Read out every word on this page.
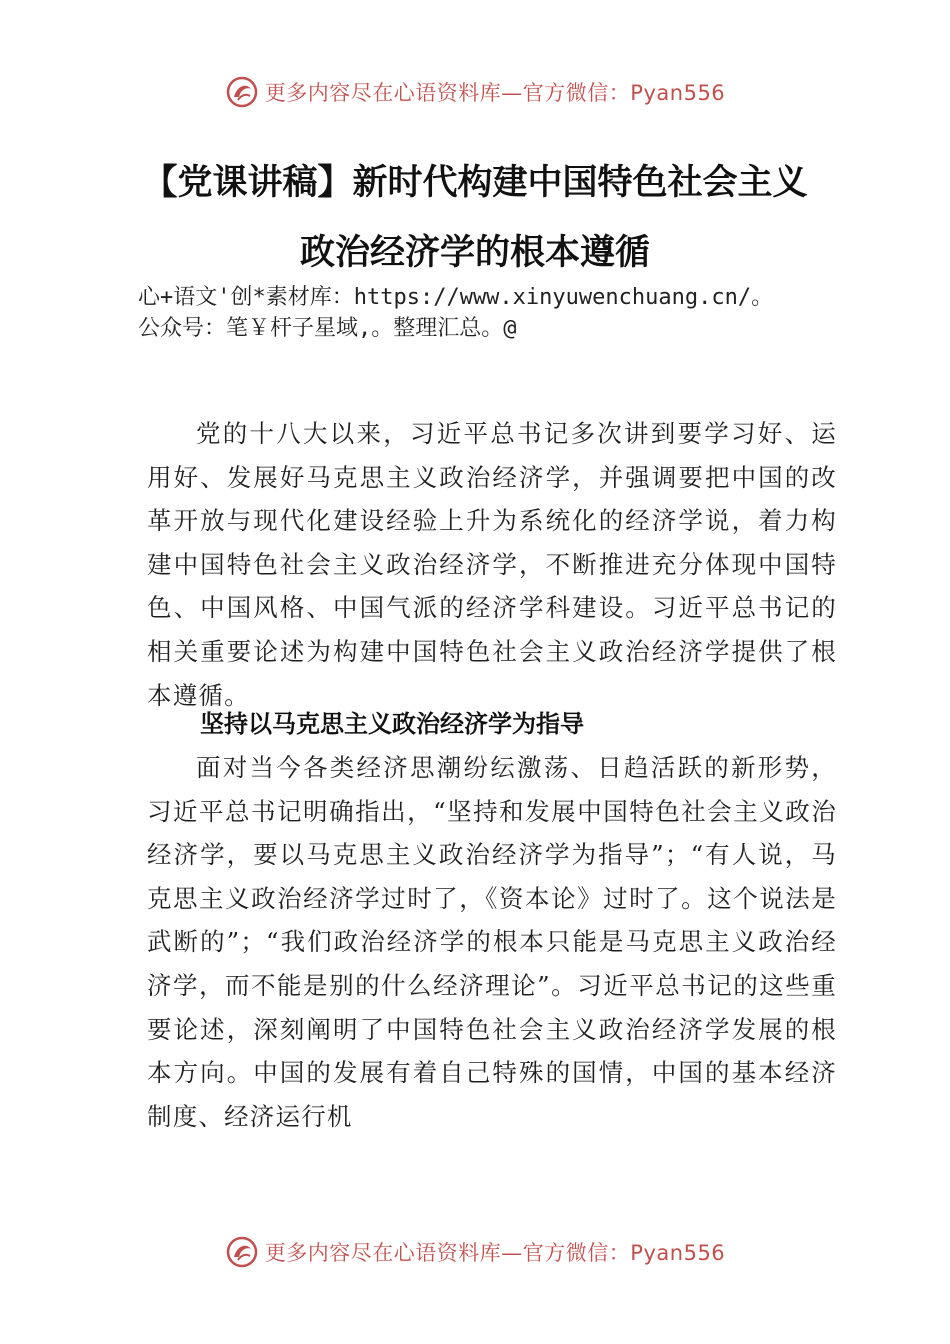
更多内容尽在心语资料库—官方微信：Pyan556
【党课讲稿】新时代构建中国特色社会主义
政治经济学的根本遵循
心+语文'创*素材库：https://www.xinyuwenchuang.cn/。
公众号：笔￥杆子星域,。整理汇总。@

党的十八大以来，习近平总书记多次讲到要学习好、运用好、发展好马克思主义政治经济学，并强调要把中国的改革开放与现代化建设经验上升为系统化的经济学说，着力构建中国特色社会主义政治经济学，不断推进充分体现中国特色、中国风格、中国气派的经济学科建设。习近平总书记的相关重要论述为构建中国特色社会主义政治经济学提供了根本遵循。

坚持以马克思主义政治经济学为指导

面对当今各类经济思潮纷纭激荡、日趋活跃的新形势，习近平总书记明确指出，“坚持和发展中国特色社会主义政治经济学，要以马克思主义政治经济学为指导”；“有人说，马克思主义政治经济学过时了，《资本论》过时了。这个说法是武断的”；“我们政治经济学的根本只能是马克思主义政治经济学，而不能是别的什么经济理论”。习近平总书记的这些重要论述，深刻阐明了中国特色社会主义政治经济学发展的根本方向。中国的发展有着自己特殊的国情，中国的基本经济制度、经济运行机

更多内容尽在心语资料库—官方微信：Pyan556
